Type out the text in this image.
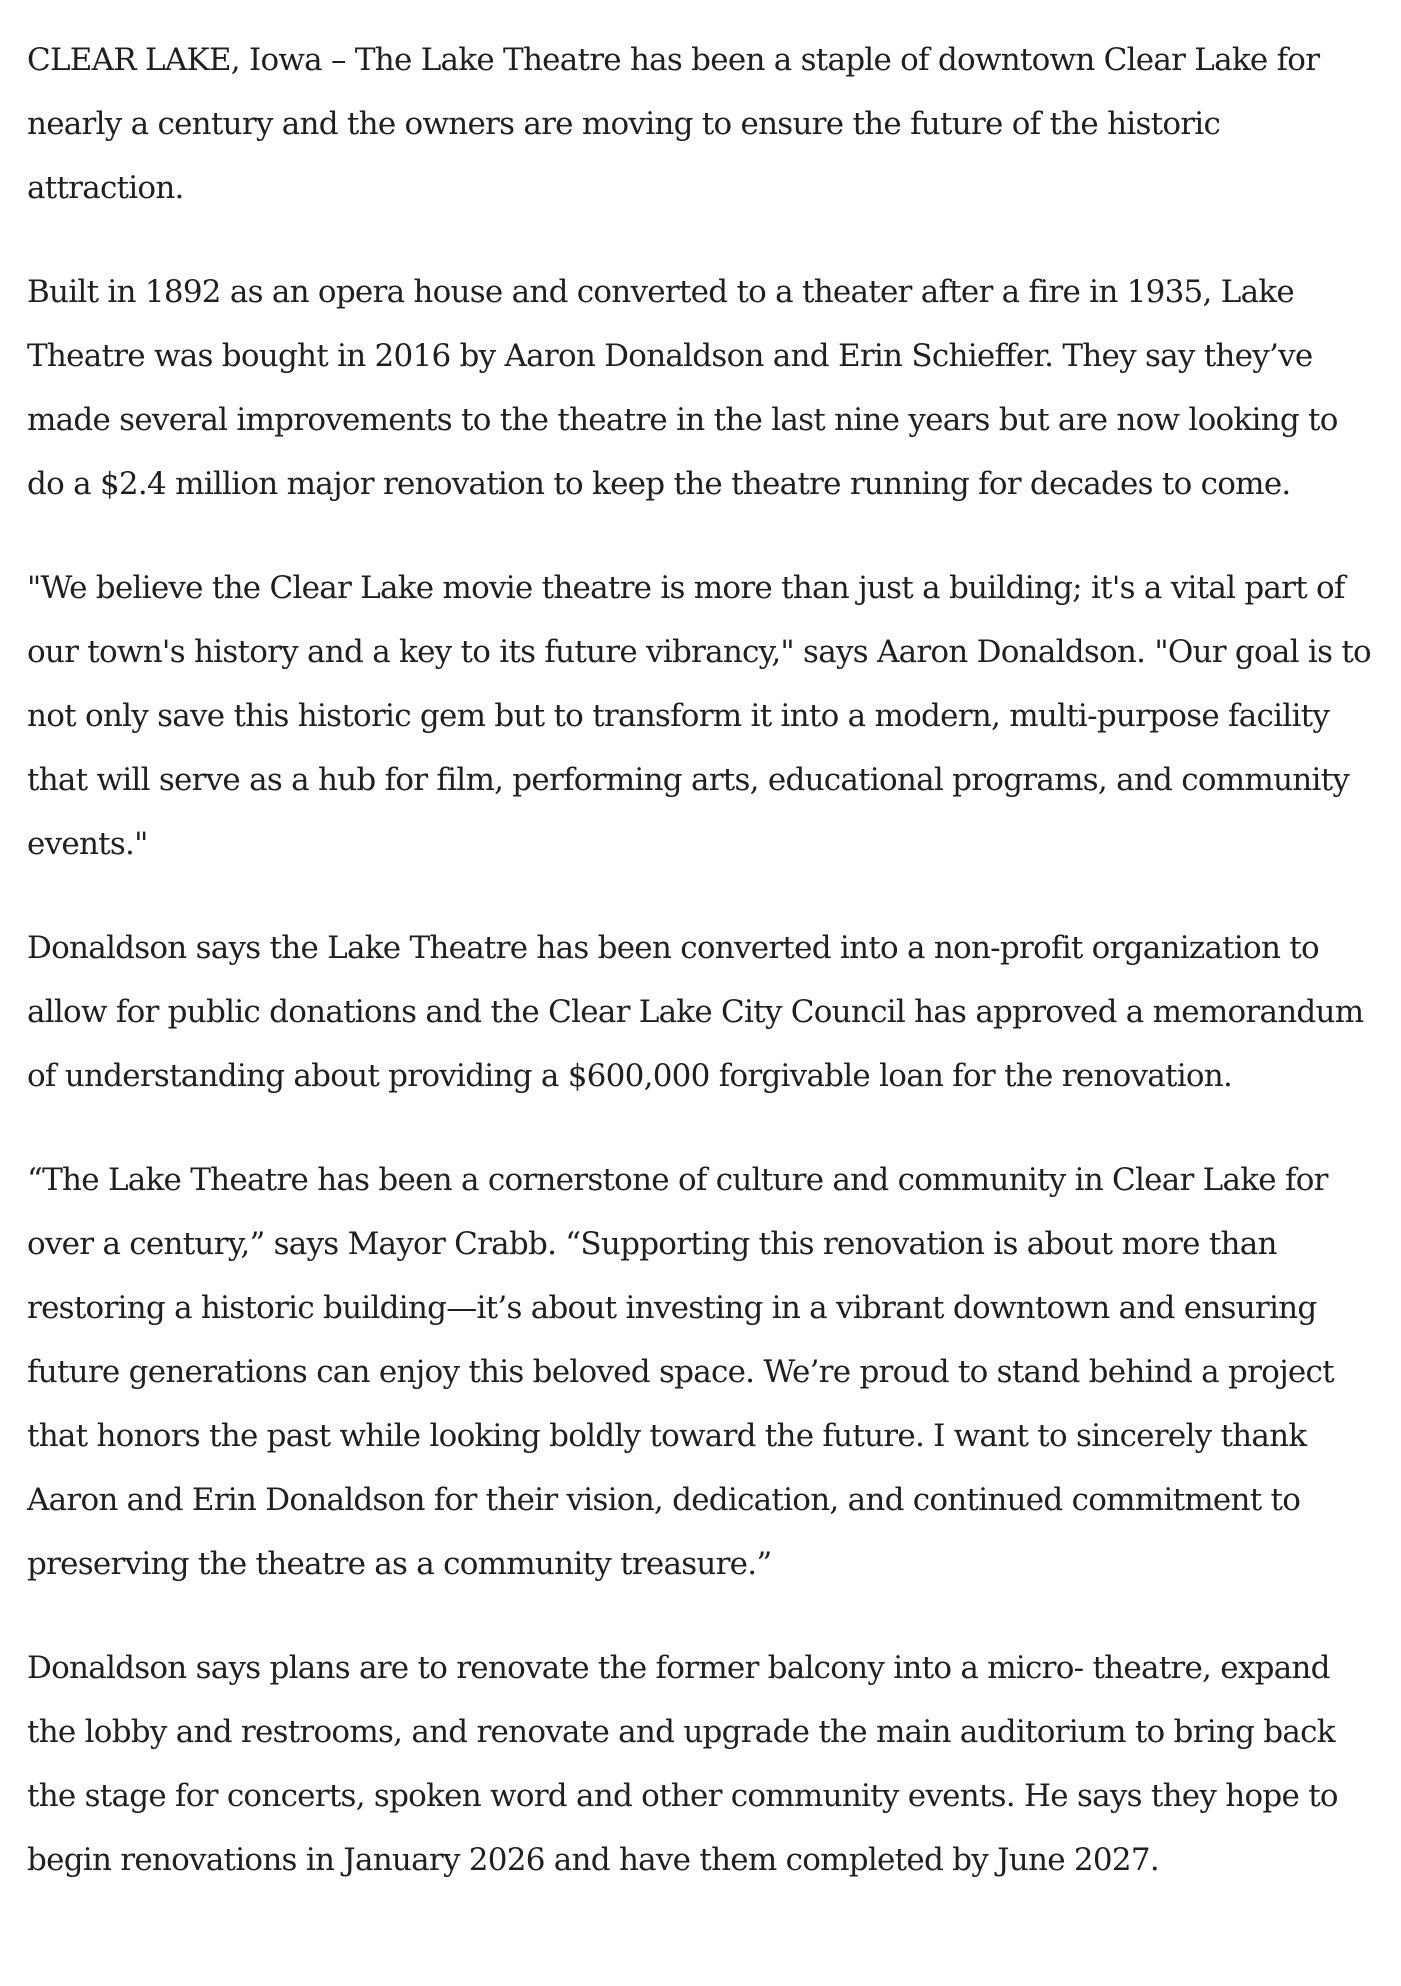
CLEAR LAKE, Iowa – The Lake Theatre has been a staple of downtown Clear Lake for nearly a century and the owners are moving to ensure the future of the historic attraction.

Built in 1892 as an opera house and converted to a theater after a fire in 1935, Lake Theatre was bought in 2016 by Aaron Donaldson and Erin Schieffer. They say they’ve made several improvements to the theatre in the last nine years but are now looking to do a $2.4 million major renovation to keep the theatre running for decades to come.

"We believe the Clear Lake movie theatre is more than just a building; it's a vital part of our town's history and a key to its future vibrancy," says Aaron Donaldson. "Our goal is to not only save this historic gem but to transform it into a modern, multi-purpose facility that will serve as a hub for film, performing arts, educational programs, and community events."

Donaldson says the Lake Theatre has been converted into a non-profit organization to allow for public donations and the Clear Lake City Council has approved a memorandum of understanding about providing a $600,000 forgivable loan for the renovation.

“The Lake Theatre has been a cornerstone of culture and community in Clear Lake for over a century,” says Mayor Crabb. “Supporting this renovation is about more than restoring a historic building—it’s about investing in a vibrant downtown and ensuring future generations can enjoy this beloved space. We’re proud to stand behind a project that honors the past while looking boldly toward the future. I want to sincerely thank Aaron and Erin Donaldson for their vision, dedication, and continued commitment to preserving the theatre as a community treasure.”

Donaldson says plans are to renovate the former balcony into a micro- theatre, expand the lobby and restrooms, and renovate and upgrade the main auditorium to bring back the stage for concerts, spoken word and other community events. He says they hope to begin renovations in January 2026 and have them completed by June 2027.
